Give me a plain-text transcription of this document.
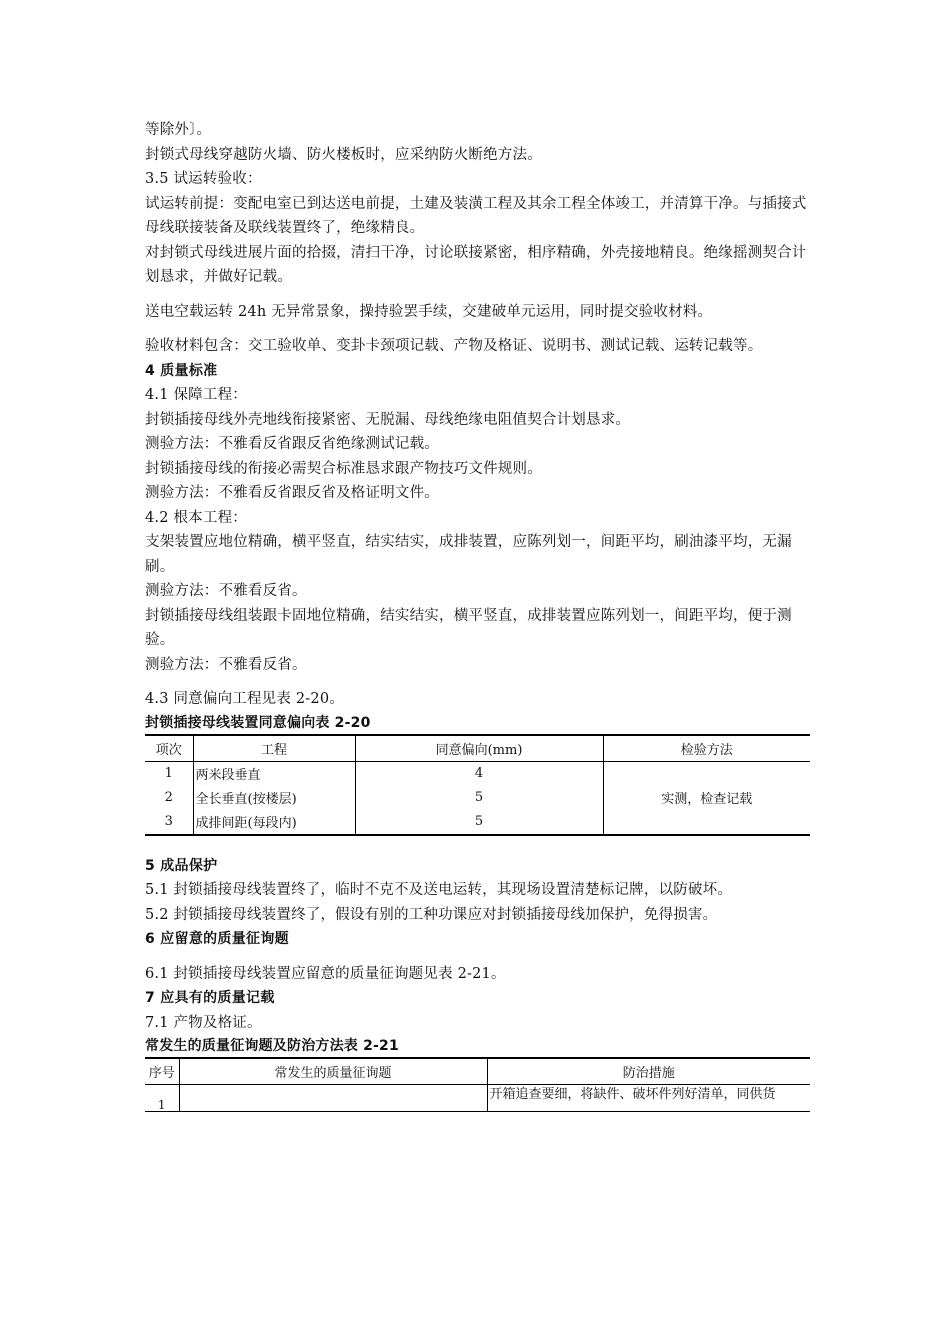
等除外〕。

封锁式母线穿越防火墙、防火楼板时，应采纳防火断绝方法。

3.5 试运转验收：

试运转前提：变配电室已到达送电前提，土建及装潢工程及其余工程全体竣工，并清算干净。与插接式母线联接装备及联线装置终了，绝缘精良。

对封锁式母线进展片面的拾掇，清扫干净，讨论联接紧密，相序精确，外壳接地精良。绝缘摇测契合计划恳求，并做好记载。

送电空载运转 24h 无异常景象，操持验罢手续，交建破单元运用，同时提交验收材料。

验收材料包含：交工验收单、变卦卡颈项记载、产物及格证、说明书、测试记载、运转记载等。

4 质量标准

4.1 保障工程：

封锁插接母线外壳地线衔接紧密、无脱漏、母线绝缘电阻值契合计划恳求。

测验方法：不雅看反省跟反省绝缘测试记载。

封锁插接母线的衔接必需契合标准恳求跟产物技巧文件规则。

测验方法：不雅看反省跟反省及格证明文件。

4.2 根本工程：

支架装置应地位精确，横平竖直，结实结实，成排装置，应陈列划一，间距平均，刷油漆平均，无漏刷。

测验方法：不雅看反省。

封锁插接母线组装跟卡固地位精确，结实结实，横平竖直，成排装置应陈列划一，间距平均，便于测验。

测验方法：不雅看反省。

4.3 同意偏向工程见表 2-20。

封锁插接母线装置同意偏向表 2-20

项次	工程	同意偏向(mm)	检验方法
1	两米段垂直	4	实测，检查记载
2	全长垂直(按楼层)	5	
3	成排间距(每段内)	5	

5 成品保护

5.1 封锁插接母线装置终了，临时不克不及送电运转，其现场设置清楚标记牌，以防破坏。

5.2 封锁插接母线装置终了，假设有别的工种功课应对封锁插接母线加保护，免得损害。

6 应留意的质量征询题

6.1 封锁插接母线装置应留意的质量征询题见表 2-21。

7 应具有的质量记载

7.1 产物及格证。

常发生的质量征询题及防治方法表 2-21

序号	常发生的质量征询题	防治措施
1		开箱追查要细，将缺件、破坏件列好清单，同供货
